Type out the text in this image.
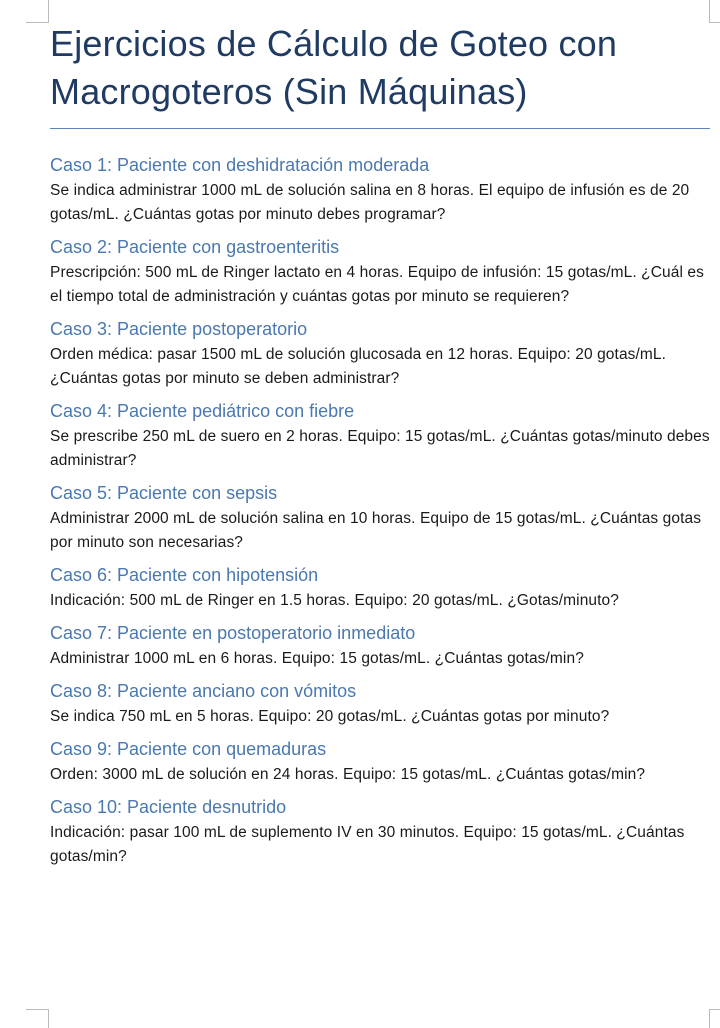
Ejercicios de Cálculo de Goteo con Macrogoteros (Sin Máquinas)
Caso 1: Paciente con deshidratación moderada

Se indica administrar 1000 mL de solución salina en 8 horas. El equipo de infusión es de 20 gotas/mL. ¿Cuántas gotas por minuto debes programar?

Caso 2: Paciente con gastroenteritis

Prescripción: 500 mL de Ringer lactato en 4 horas. Equipo de infusión: 15 gotas/mL. ¿Cuál es el tiempo total de administración y cuántas gotas por minuto se requieren?

Caso 3: Paciente postoperatorio

Orden médica: pasar 1500 mL de solución glucosada en 12 horas. Equipo: 20 gotas/mL. ¿Cuántas gotas por minuto se deben administrar?

Caso 4: Paciente pediátrico con fiebre

Se prescribe 250 mL de suero en 2 horas. Equipo: 15 gotas/mL. ¿Cuántas gotas/minuto debes administrar?

Caso 5: Paciente con sepsis

Administrar 2000 mL de solución salina en 10 horas. Equipo de 15 gotas/mL. ¿Cuántas gotas por minuto son necesarias?

Caso 6: Paciente con hipotensión

Indicación: 500 mL de Ringer en 1.5 horas. Equipo: 20 gotas/mL. ¿Gotas/minuto?

Caso 7: Paciente en postoperatorio inmediato

Administrar 1000 mL en 6 horas. Equipo: 15 gotas/mL. ¿Cuántas gotas/min?

Caso 8: Paciente anciano con vómitos

Se indica 750 mL en 5 horas. Equipo: 20 gotas/mL. ¿Cuántas gotas por minuto?

Caso 9: Paciente con quemaduras

Orden: 3000 mL de solución en 24 horas. Equipo: 15 gotas/mL. ¿Cuántas gotas/min?

Caso 10: Paciente desnutrido

Indicación: pasar 100 mL de suplemento IV en 30 minutos. Equipo: 15 gotas/mL. ¿Cuántas gotas/min?
